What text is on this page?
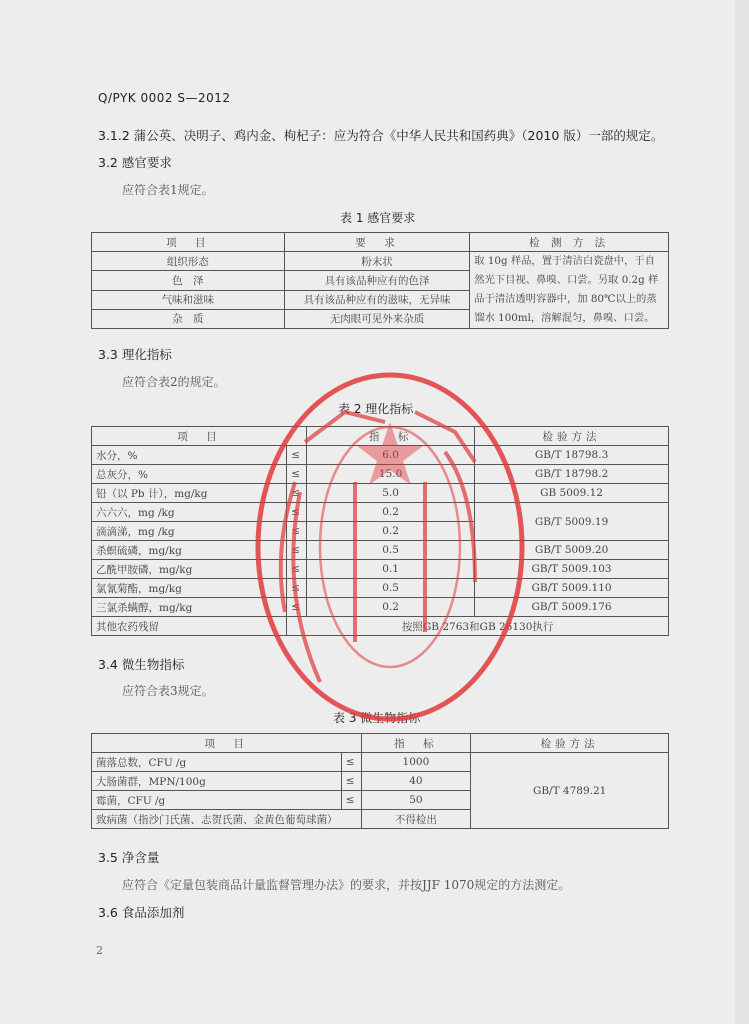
Q/PYK 0002 S—2012
3.1.2 蒲公英、决明子、鸡内金、枸杞子：应为符合《中华人民共和国药典》（2010 版）一部的规定。
3.2 感官要求
应符合表1规定。
表 1 感官要求
项　目	要　求	检 测 方 法
组织形态	粉末状	取 10g 样品，置于清洁白瓷盘中，于自然光下目视、鼻嗅、口尝。另取 0.2g 样品于清洁透明容器中，加 80℃以上的蒸馏水 100ml，溶解混匀，鼻嗅、口尝。
色　泽	具有该品种应有的色泽	
气味和滋味	具有该品种应有的滋味，无异味	
杂　质	无肉眼可见外来杂质	
3.3 理化指标
应符合表2的规定。
表 2 理化指标
项　目		指　标	检验方法
水分，%	≤	6.0	GB/T 18798.3
总灰分，%	≤	15.0	GB/T 18798.2
铅（以 Pb 计），mg/kg	≤	5.0	GB 5009.12
六六六，mg /kg	≤	0.2	GB/T 5009.19
滴滴涕，mg /kg	≤	0.2	
杀螟硫磷，mg/kg	≤	0.5	GB/T 5009.20
乙酰甲胺磷，mg/kg	≤	0.1	GB/T 5009.103
氯氰菊酯，mg/kg	≤	0.5	GB/T 5009.110
三氯杀螨醇，mg/kg	≤	0.2	GB/T 5009.176
其他农药残留	按照GB 2763和GB 26130执行		
3.4 微生物指标
应符合表3规定。
表 3 微生物指标
项　目		指　标	检验方法
菌落总数，CFU /g	≤	1000	GB/T 4789.21
大肠菌群，MPN/100g	≤	40	
霉菌，CFU /g	≤	50	
致病菌（指沙门氏菌、志贺氏菌、金黄色葡萄球菌）		不得检出	
3.5 净含量
应符合《定量包装商品计量监督管理办法》的要求，并按JJF 1070规定的方法测定。
3.6 食品添加剂
2
